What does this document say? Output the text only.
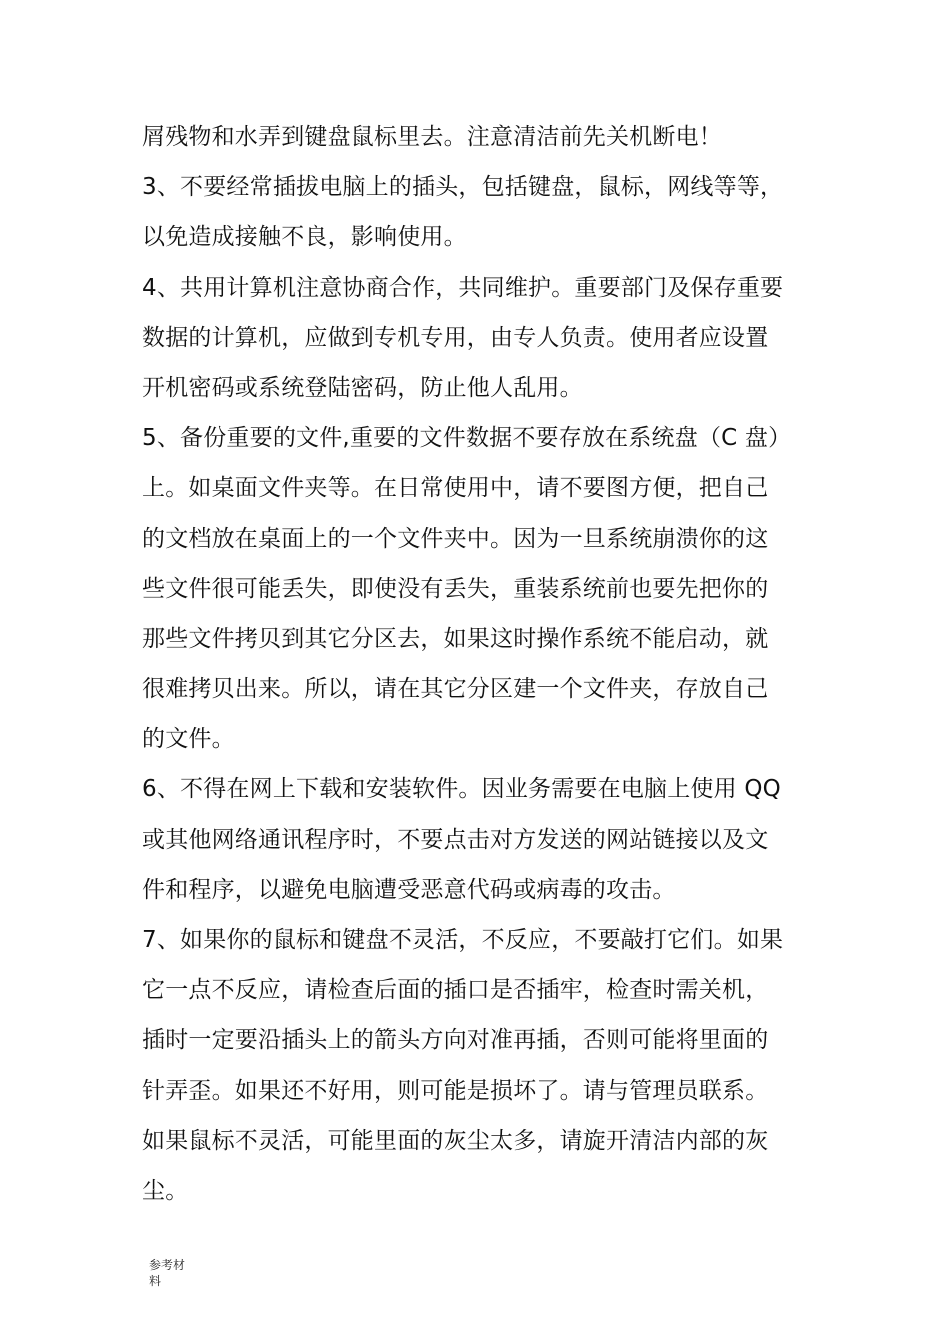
屑残物和水弄到键盘鼠标里去。注意清洁前先关机断电！
3、不要经常插拔电脑上的插头，包括键盘，鼠标，网线等等，
以免造成接触不良，影响使用。
4、共用计算机注意协商合作，共同维护。重要部门及保存重要
数据的计算机，应做到专机专用，由专人负责。使用者应设置
开机密码或系统登陆密码，防止他人乱用。
5、备份重要的文件,重要的文件数据不要存放在系统盘（C 盘）
上。如桌面文件夹等。在日常使用中，请不要图方便，把自己
的文档放在桌面上的一个文件夹中。因为一旦系统崩溃你的这
些文件很可能丢失，即使没有丢失，重装系统前也要先把你的
那些文件拷贝到其它分区去，如果这时操作系统不能启动，就
很难拷贝出来。所以，请在其它分区建一个文件夹，存放自己
的文件。
6、不得在网上下载和安装软件。因业务需要在电脑上使用 QQ
或其他网络通讯程序时，不要点击对方发送的网站链接以及文
件和程序，以避免电脑遭受恶意代码或病毒的攻击。
7、如果你的鼠标和键盘不灵活，不反应，不要敲打它们。如果
它一点不反应，请检查后面的插口是否插牢，检查时需关机，
插时一定要沿插头上的箭头方向对准再插，否则可能将里面的
针弄歪。如果还不好用，则可能是损坏了。请与管理员联系。
如果鼠标不灵活，可能里面的灰尘太多，请旋开清洁内部的灰
尘。
参考材
料
